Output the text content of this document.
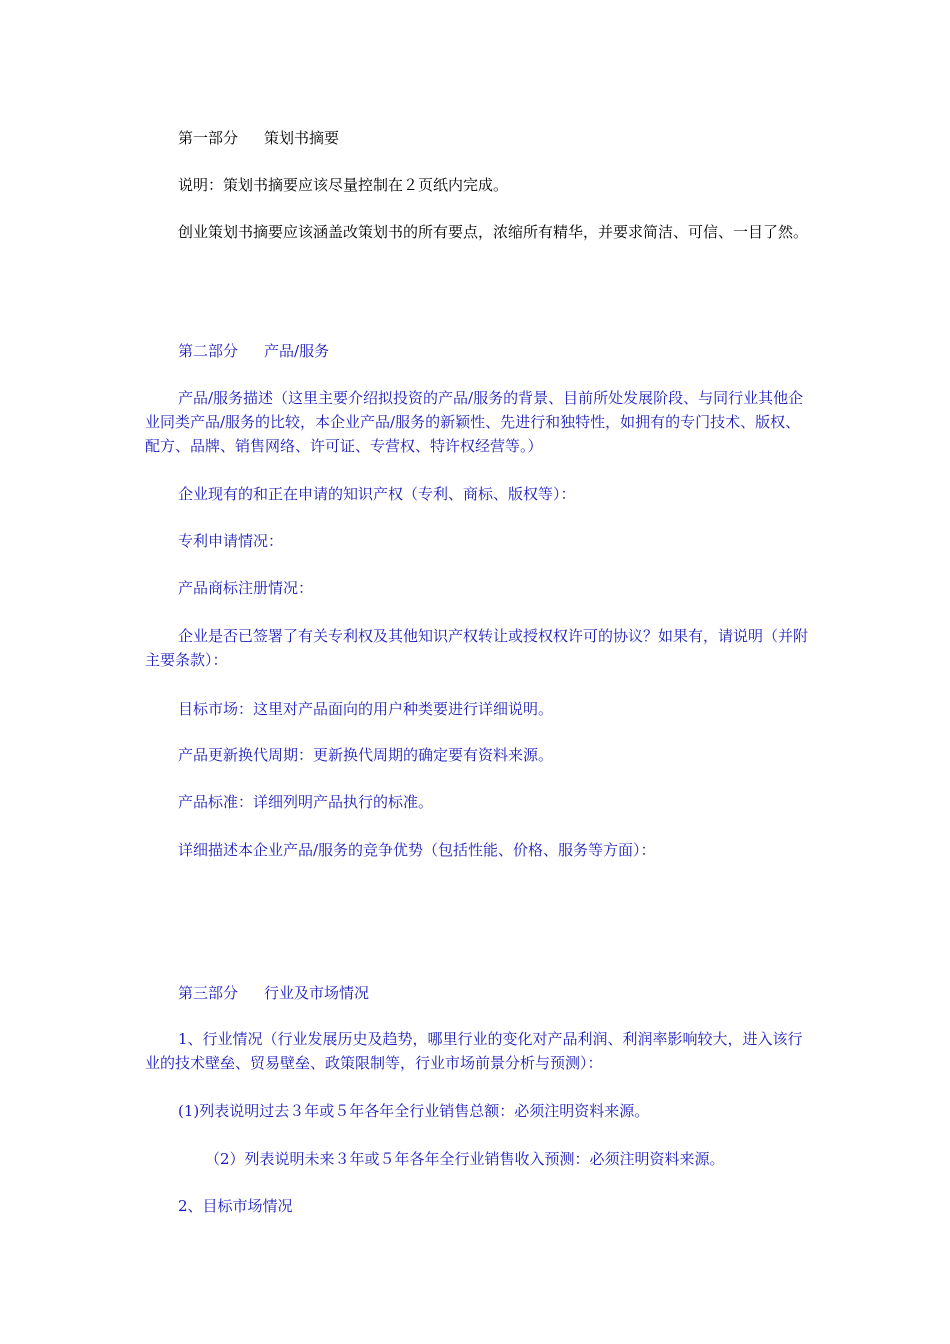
第一部分 策划书摘要

说明：策划书摘要应该尽量控制在２页纸内完成。

创业策划书摘要应该涵盖改策划书的所有要点，浓缩所有精华，并要求简洁、可信、一目了然。

第二部分 产品/服务

产品/服务描述（这里主要介绍拟投资的产品/服务的背景、目前所处发展阶段、与同行业其他企业同类产品/服务的比较，本企业产品/服务的新颖性、先进行和独特性，如拥有的专门技术、版权、配方、品牌、销售网络、许可证、专营权、特许权经营等。）

企业现有的和正在申请的知识产权（专利、商标、版权等）：

专利申请情况：

产品商标注册情况：

企业是否已签署了有关专利权及其他知识产权转让或授权权许可的协议？如果有，请说明（并附主要条款）：

目标市场：这里对产品面向的用户种类要进行详细说明。

产品更新换代周期：更新换代周期的确定要有资料来源。

产品标准：详细列明产品执行的标准。

详细描述本企业产品/服务的竞争优势（包括性能、价格、服务等方面）：

第三部分 行业及市场情况

1、行业情况（行业发展历史及趋势，哪里行业的变化对产品利润、利润率影响较大，进入该行业的技术壁垒、贸易壁垒、政策限制等，行业市场前景分析与预测）：

(1)列表说明过去３年或５年各年全行业销售总额：必须注明资料来源。

（2）列表说明未来３年或５年各年全行业销售收入预测：必须注明资料来源。

2、目标市场情况
